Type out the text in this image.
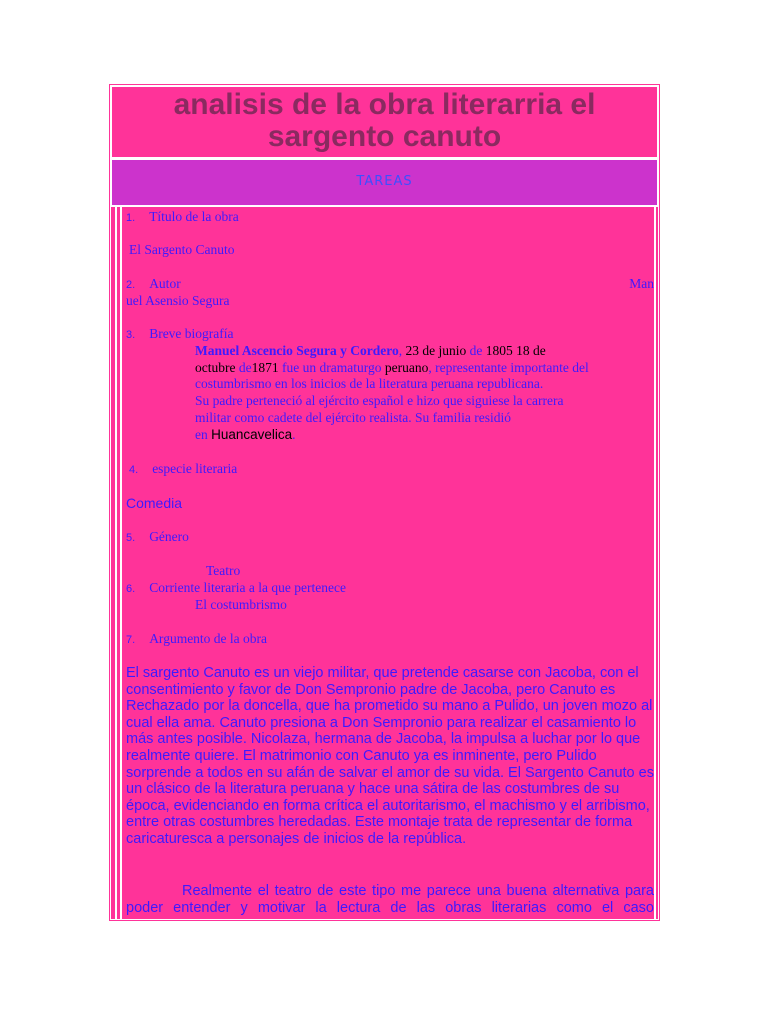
analisis de la obra literarria el sargento canuto
TAREAS
1. Título de la obra
El Sargento Canuto
2. Autor	Man
uel Asensio Segura
3. Breve biografía
Manuel Ascencio Segura y Cordero, 23 de junio de 1805 18 de
octubre de1871 fue un dramaturgo peruano, representante importante del
costumbrismo en los inicios de la literatura peruana republicana.
Su padre perteneció al ejército español e hizo que siguiese la carrera
militar como cadete del ejército realista. Su familia residió
en Huancavelica.
4. especie literaria
Comedia
5. Género
Teatro
6. Corriente literaria a la que pertenece
El costumbrismo
7. Argumento de la obra
El sargento Canuto es un viejo militar, que pretende casarse con Jacoba, con el consentimiento y favor de Don Sempronio padre de Jacoba, pero Canuto es Rechazado por la doncella, que ha prometido su mano a Pulido, un joven mozo al cual ella ama. Canuto presiona a Don Sempronio para realizar el casamiento lo más antes posible. Nicolaza, hermana de Jacoba, la impulsa a luchar por lo que realmente quiere. El matrimonio con Canuto ya es inminente, pero Pulido sorprende a todos en su afán de salvar el amor de su vida. El Sargento Canuto es un clásico de la literatura peruana y hace una sátira de las costumbres de su época, evidenciando en forma crítica el autoritarismo, el machismo y el arribismo, entre otras costumbres heredadas. Este montaje trata de representar de forma caricaturesca a personajes de inicios de la república.
Realmente el teatro de este tipo me parece una buena alternativa para poder entender y motivar la lectura de las obras literarias como el caso
